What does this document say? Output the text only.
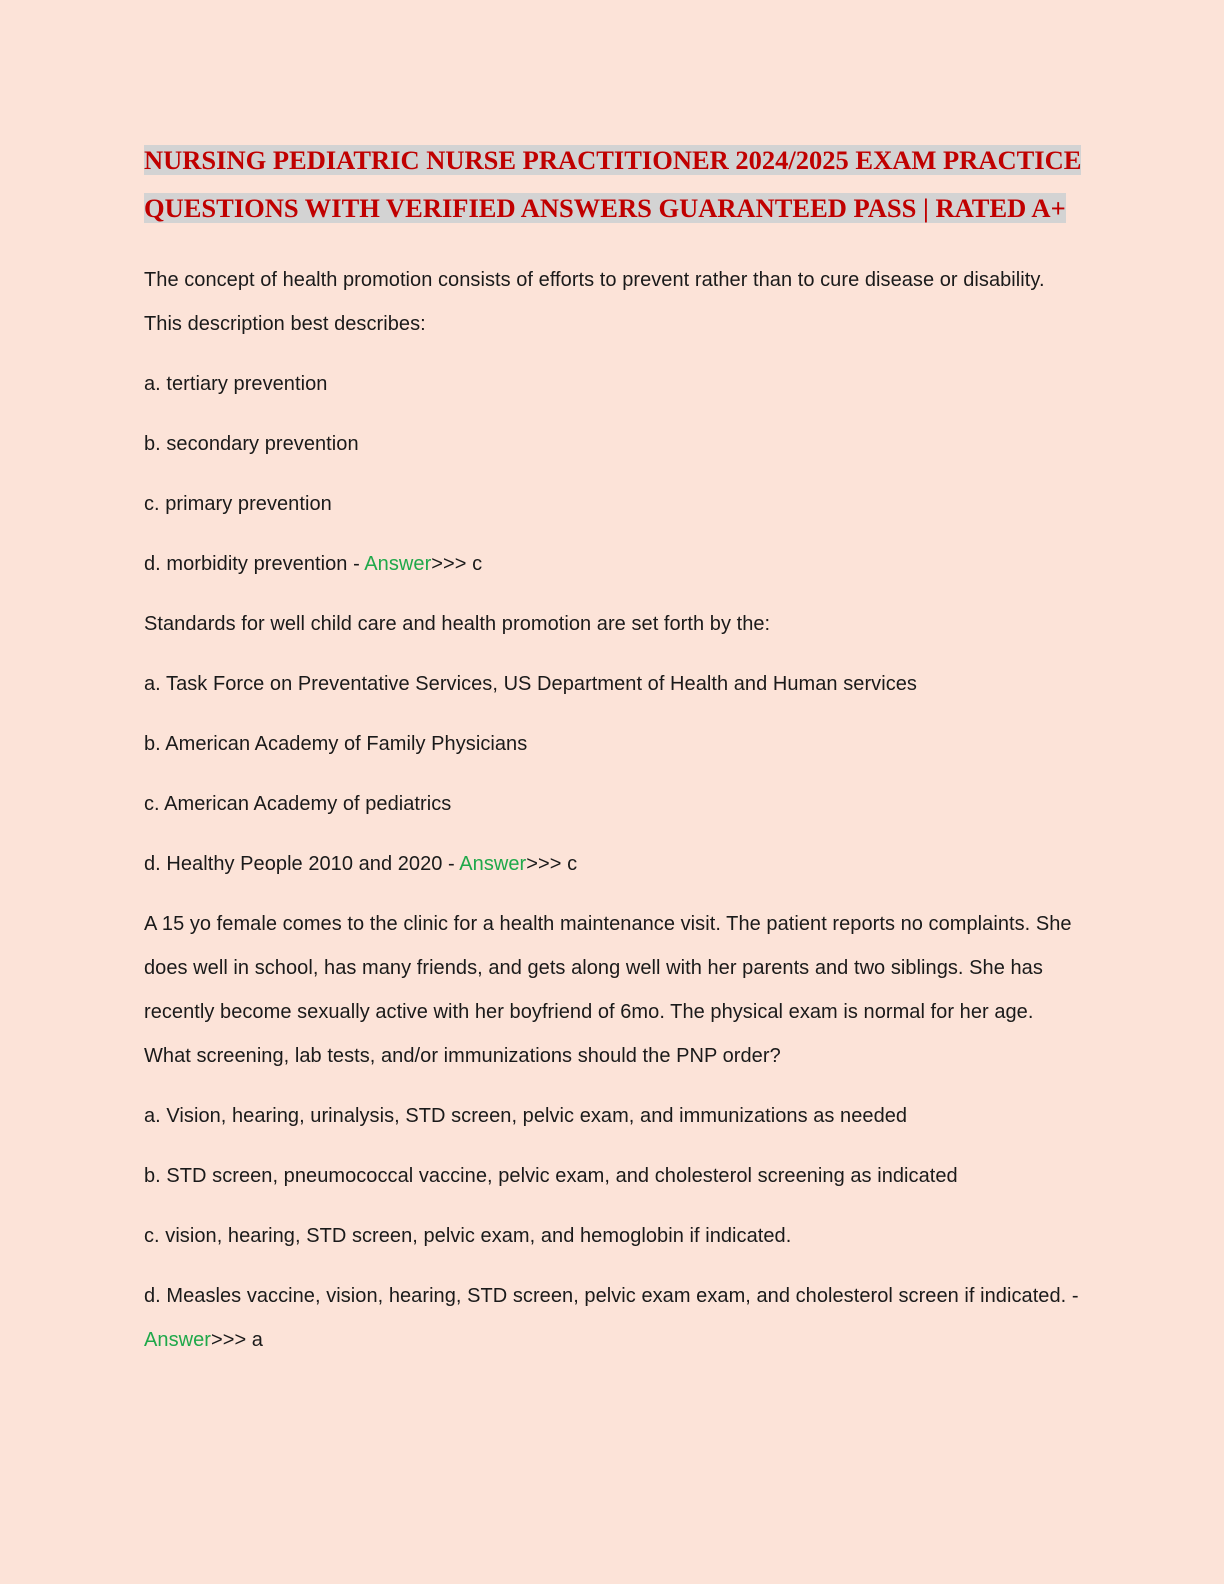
NURSING PEDIATRIC NURSE PRACTITIONER 2024/2025 EXAM PRACTICE QUESTIONS WITH VERIFIED ANSWERS GUARANTEED PASS | RATED A+

The concept of health promotion consists of efforts to prevent rather than to cure disease or disability. This description best describes:

a. tertiary prevention

b. secondary prevention

c. primary prevention

d. morbidity prevention - Answer>>> c

Standards for well child care and health promotion are set forth by the:

a. Task Force on Preventative Services, US Department of Health and Human services

b. American Academy of Family Physicians

c. American Academy of pediatrics

d. Healthy People 2010 and 2020 - Answer>>> c

A 15 yo female comes to the clinic for a health maintenance visit. The patient reports no complaints. She does well in school, has many friends, and gets along well with her parents and two siblings. She has recently become sexually active with her boyfriend of 6mo. The physical exam is normal for her age. What screening, lab tests, and/or immunizations should the PNP order?

a. Vision, hearing, urinalysis, STD screen, pelvic exam, and immunizations as needed

b. STD screen, pneumococcal vaccine, pelvic exam, and cholesterol screening as indicated

c. vision, hearing, STD screen, pelvic exam, and hemoglobin if indicated.

d. Measles vaccine, vision, hearing, STD screen, pelvic exam exam, and cholesterol screen if indicated. - Answer>>> a
